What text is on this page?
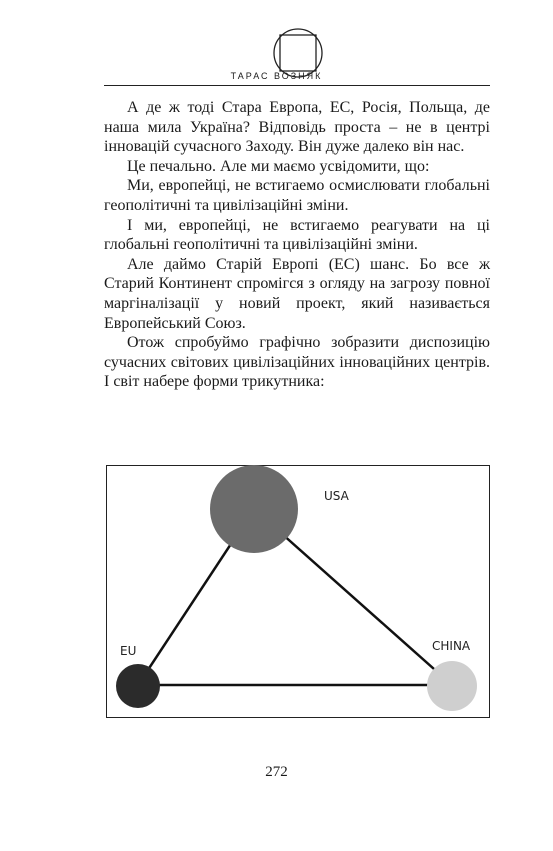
ТАРАС ВОЗНЯК

А де ж тоді Стара Европа, ЕС, Росія, Польща, де наша мила Україна? Відповідь проста – не в центрі інновацій сучасного Заходу. Він дуже далеко він нас.

Це печально. Але ми маємо усвідомити, що:

Ми, европейці, не встигаемо осмислювати глобальні геополітичні та цивілізаційні зміни.

І ми, европейці, не встигаемо реагувати на ці глобальні геополітичні та цивілізаційні зміни.

Але даймо Старій Европі (ЕС) шанс. Бо все ж Старий Континент спромігся з огляду на загрозу повної маргіналізації у новий проект, який називається Европейський Союз.

Отож спробуймо графічно зобразити диспозицію сучасних світових цивілізаційних інноваційних центрів. І світ набере форми трикутника:

USA
EU	CHINA
272
